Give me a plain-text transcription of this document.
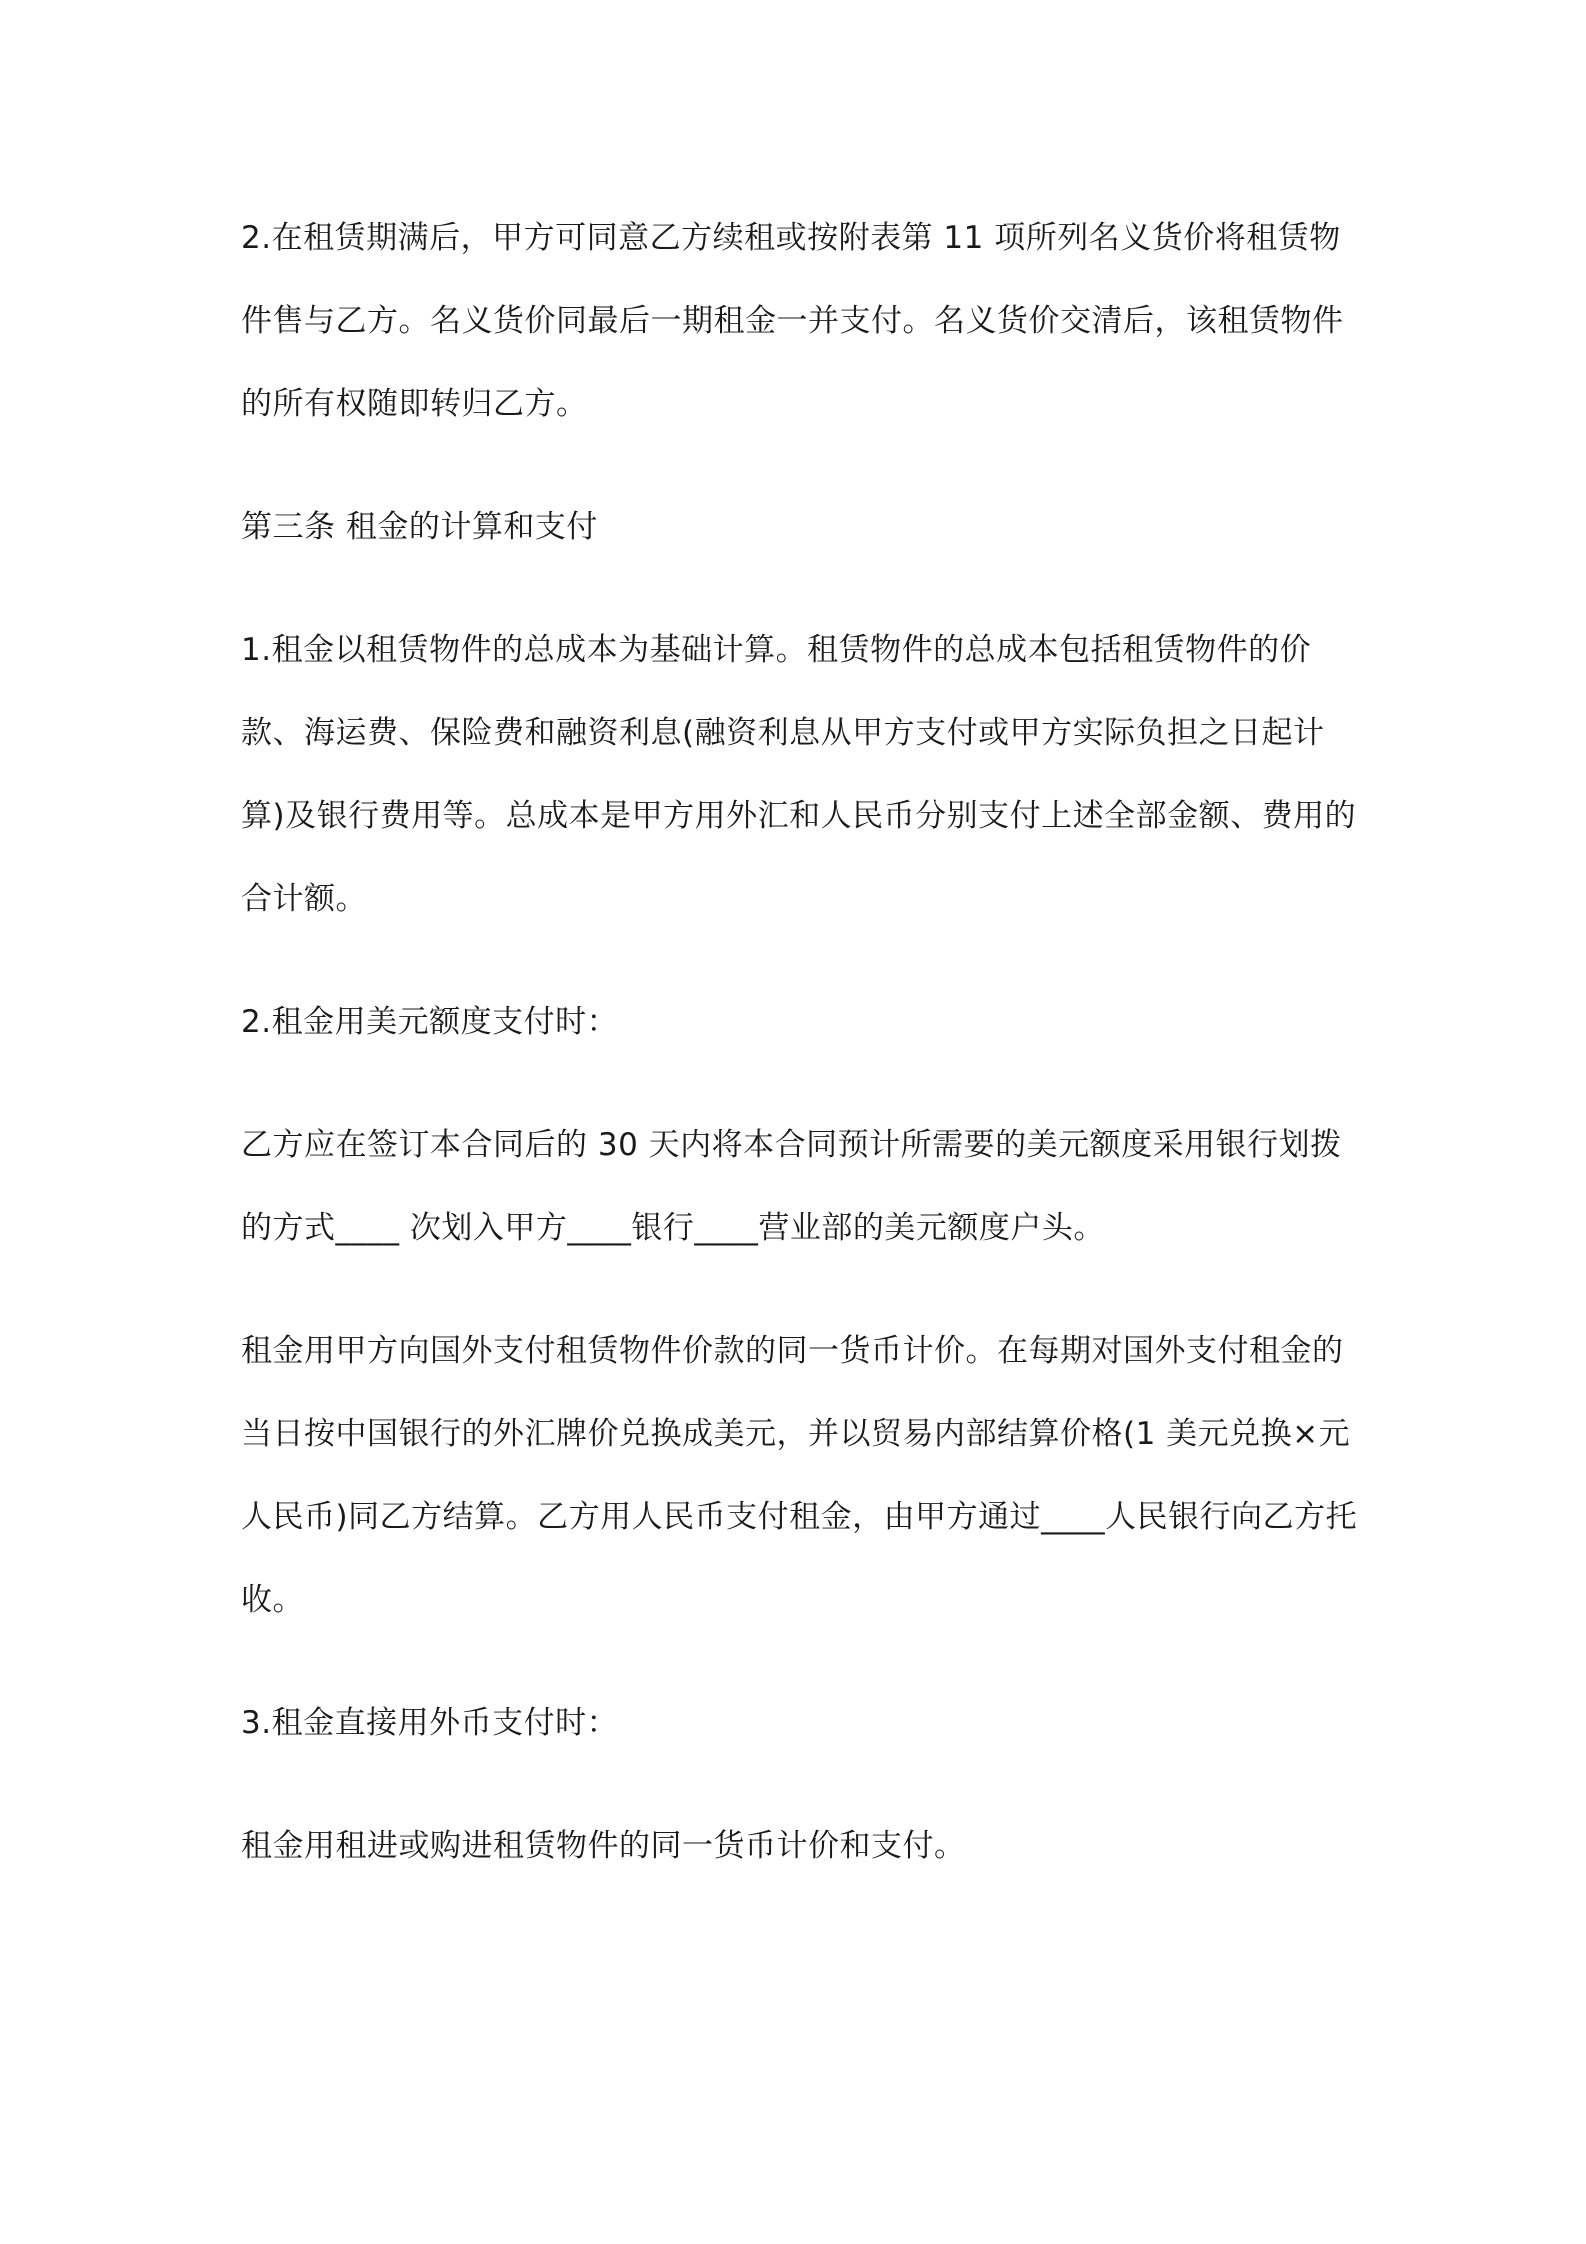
2.在租赁期满后，甲方可同意乙方续租或按附表第 11 项所列名义货价将租赁物件售与乙方。名义货价同最后一期租金一并支付。名义货价交清后，该租赁物件的所有权随即转归乙方。

第三条 租金的计算和支付

1.租金以租赁物件的总成本为基础计算。租赁物件的总成本包括租赁物件的价款、海运费、保险费和融资利息(融资利息从甲方支付或甲方实际负担之日起计算)及银行费用等。总成本是甲方用外汇和人民币分别支付上述全部金额、费用的合计额。

2.租金用美元额度支付时：

乙方应在签订本合同后的 30 天内将本合同预计所需要的美元额度采用银行划拨的方式____ 次划入甲方____银行____营业部的美元额度户头。

租金用甲方向国外支付租赁物件价款的同一货币计价。在每期对国外支付租金的当日按中国银行的外汇牌价兑换成美元，并以贸易内部结算价格(1 美元兑换×元人民币)同乙方结算。乙方用人民币支付租金，由甲方通过____人民银行向乙方托收。

3.租金直接用外币支付时：

租金用租进或购进租赁物件的同一货币计价和支付。
